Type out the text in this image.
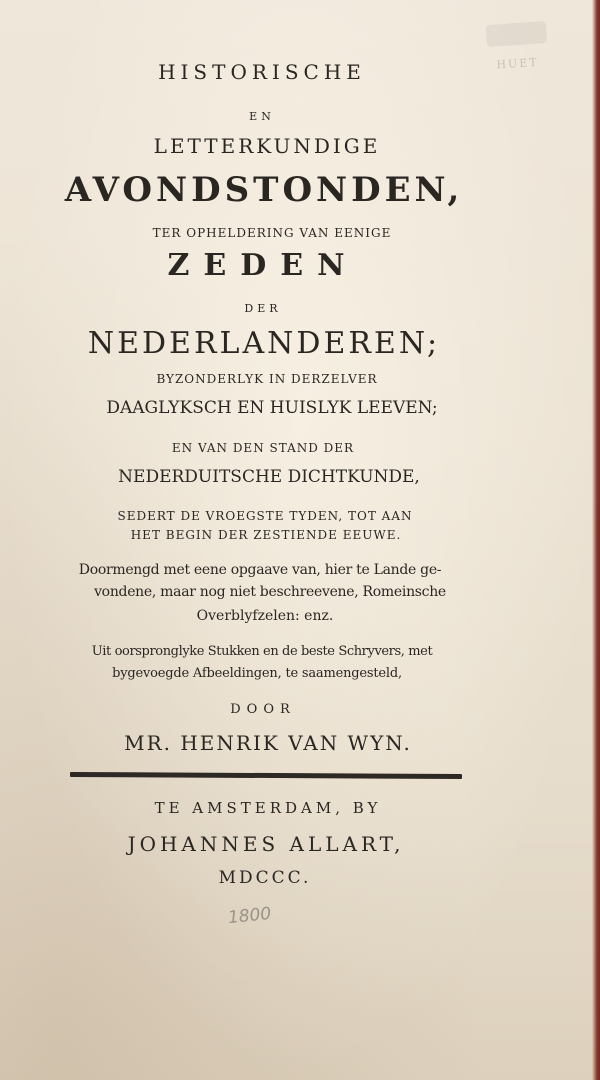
HUET
HISTORISCHE
EN
LETTERKUNDIGE
AVONDSTONDEN,
TER OPHELDERING VAN EENIGE
ZEDEN
DER
NEDERLANDEREN;
BYZONDERLYK IN DERZELVER
DAAGLYKSCH EN HUISLYK LEEVEN;
EN VAN DEN STAND DER
NEDERDUITSCHE DICHTKUNDE,
SEDERT DE VROEGSTE TYDEN, TOT AAN
HET BEGIN DER ZESTIENDE EEUWE.
Doormengd met eene opgaave van, hier te Lande ge-
vondene, maar nog niet beschreevene, Romeinsche
Overblyfzelen: enz.
Uit oorspronglyke Stukken en de beste Schryvers, met
bygevoegde Afbeeldingen, te saamengesteld,
DOOR
MR. HENRIK VAN WYN.
TE AMSTERDAM, BY
JOHANNES ALLART,
MDCCC.
1800
